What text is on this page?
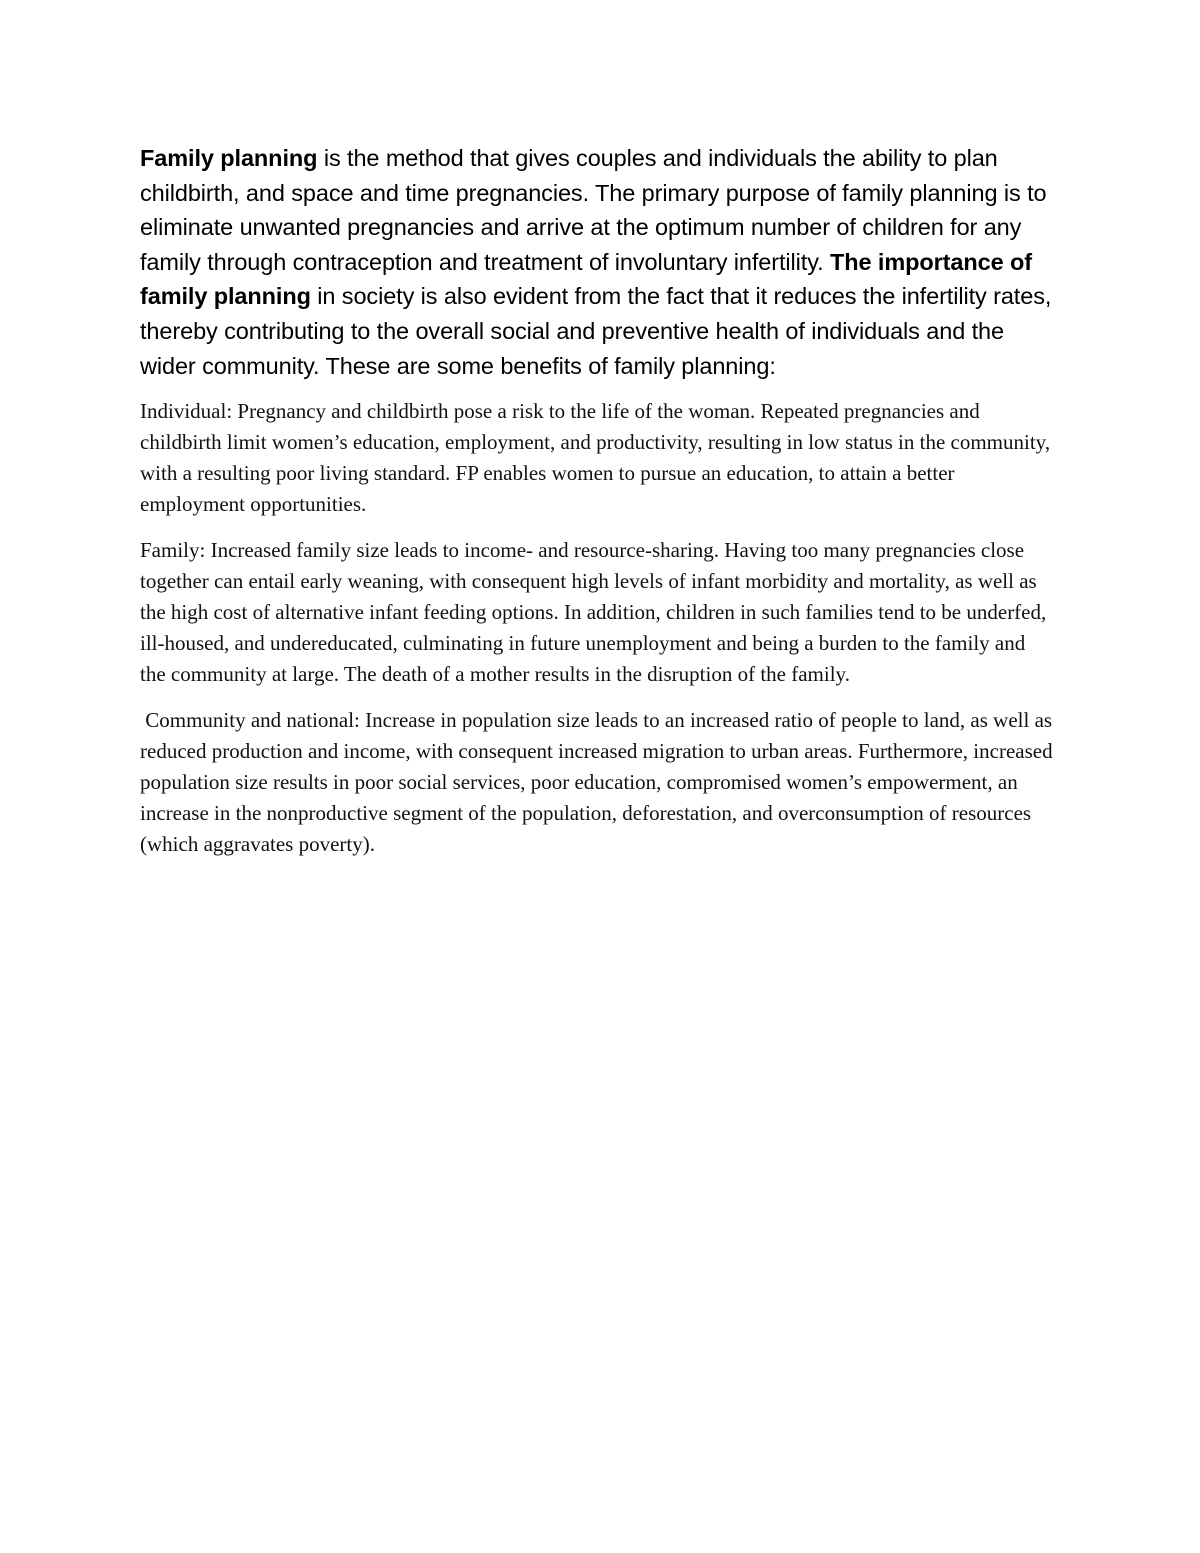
Family planning is the method that gives couples and individuals the ability to plan childbirth, and space and time pregnancies. The primary purpose of family planning is to eliminate unwanted pregnancies and arrive at the optimum number of children for any family through contraception and treatment of involuntary infertility. The importance of family planning in society is also evident from the fact that it reduces the infertility rates, thereby contributing to the overall social and preventive health of individuals and the wider community. These are some benefits of family planning:

Individual: Pregnancy and childbirth pose a risk to the life of the woman. Repeated pregnancies and childbirth limit women’s education, employment, and productivity, resulting in low status in the community, with a resulting poor living standard. FP enables women to pursue an education, to attain a better employment opportunities.

Family: Increased family size leads to income- and resource-sharing. Having too many pregnancies close together can entail early weaning, with consequent high levels of infant morbidity and mortality, as well as the high cost of alternative infant feeding options. In addition, children in such families tend to be underfed, ill-housed, and undereducated, culminating in future unemployment and being a burden to the family and the community at large. The death of a mother results in the disruption of the family.

Community and national: Increase in population size leads to an increased ratio of people to land, as well as reduced production and income, with consequent increased migration to urban areas. Furthermore, increased population size results in poor social services, poor education, compromised women’s empowerment, an increase in the nonproductive segment of the population, deforestation, and overconsumption of resources (which aggravates poverty).
